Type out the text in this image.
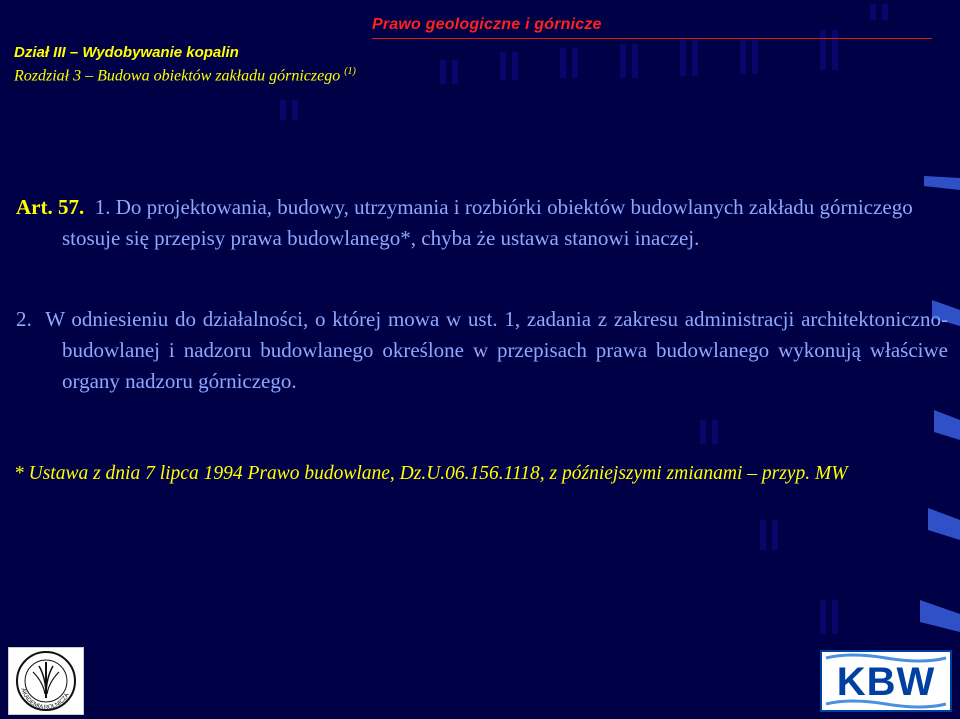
Prawo geologiczne i górnicze
Dział III – Wydobywanie kopalin
Rozdział 3 – Budowa obiektów zakładu górniczego $^{(1)}$

Art. 57. 1. Do projektowania, budowy, utrzymania i rozbiórki obiektów budowlanych zakładu górniczego stosuje się przepisy prawa budowlanego*, chyba że ustawa stanowi inaczej.

2. W odniesieniu do działalności, o której mowa w ust. 1, zadania z zakresu administracji architektoniczno-budowlanej i nadzoru budowlanego określone w przepisach prawa budowlanego wykonują właściwe organy nadzoru górniczego.

* Ustawa z dnia 7 lipca 1994 Prawo budowlane, Dz.U.06.156.1118, z późniejszymi zmianami – przyp. MW
AKADEMIA ROLNICZA	KBW
